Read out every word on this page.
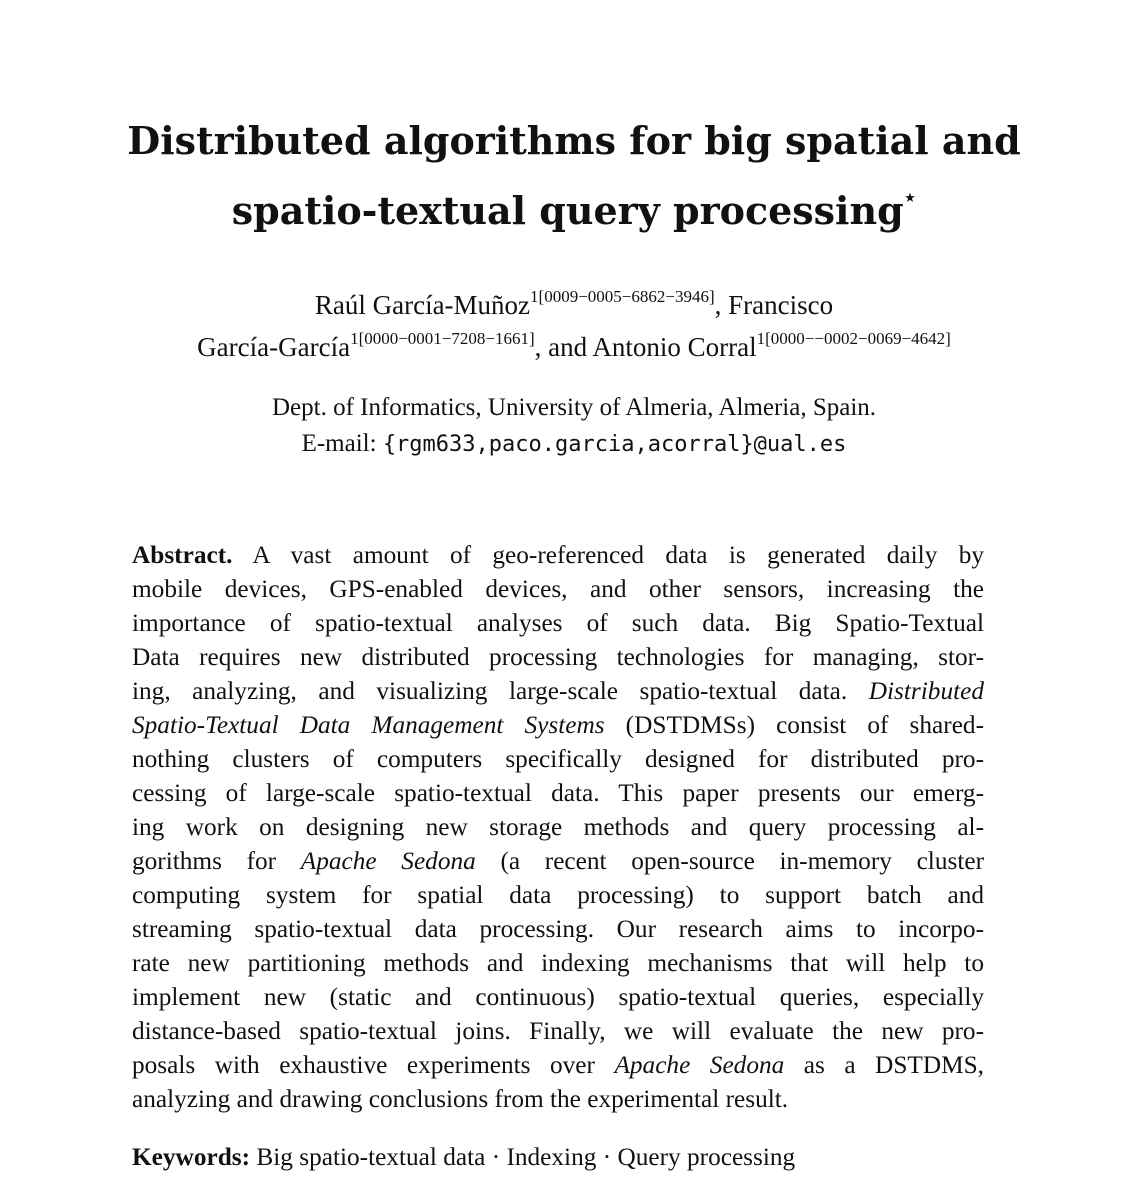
Distributed algorithms for big spatial and
spatio-textual query processing⋆
Raúl García-Muñoz$^{1[0009-0005-6862-3946]}$, Francisco
García-García$^{1[0000-0001-7208-1661]}$, and Antonio Corral$^{1[0000--0002-0069-4642]}$
Dept. of Informatics, University of Almeria, Almeria, Spain.
E-mail: {rgm633,paco.garcia,acorral}@ual.es
Abstract. A vast amount of geo-referenced data is generated daily by
mobile devices, GPS-enabled devices, and other sensors, increasing the
importance of spatio-textual analyses of such data. Big Spatio-Textual
Data requires new distributed processing technologies for managing, stor-
ing, analyzing, and visualizing large-scale spatio-textual data. Distributed
Spatio-Textual Data Management Systems (DSTDMSs) consist of shared-
nothing clusters of computers specifically designed for distributed pro-
cessing of large-scale spatio-textual data. This paper presents our emerg-
ing work on designing new storage methods and query processing al-
gorithms for Apache Sedona (a recent open-source in-memory cluster
computing system for spatial data processing) to support batch and
streaming spatio-textual data processing. Our research aims to incorpo-
rate new partitioning methods and indexing mechanisms that will help to
implement new (static and continuous) spatio-textual queries, especially
distance-based spatio-textual joins. Finally, we will evaluate the new pro-
posals with exhaustive experiments over Apache Sedona as a DSTDMS,
analyzing and drawing conclusions from the experimental result.
Keywords: Big spatio-textual data · Indexing · Query processing
